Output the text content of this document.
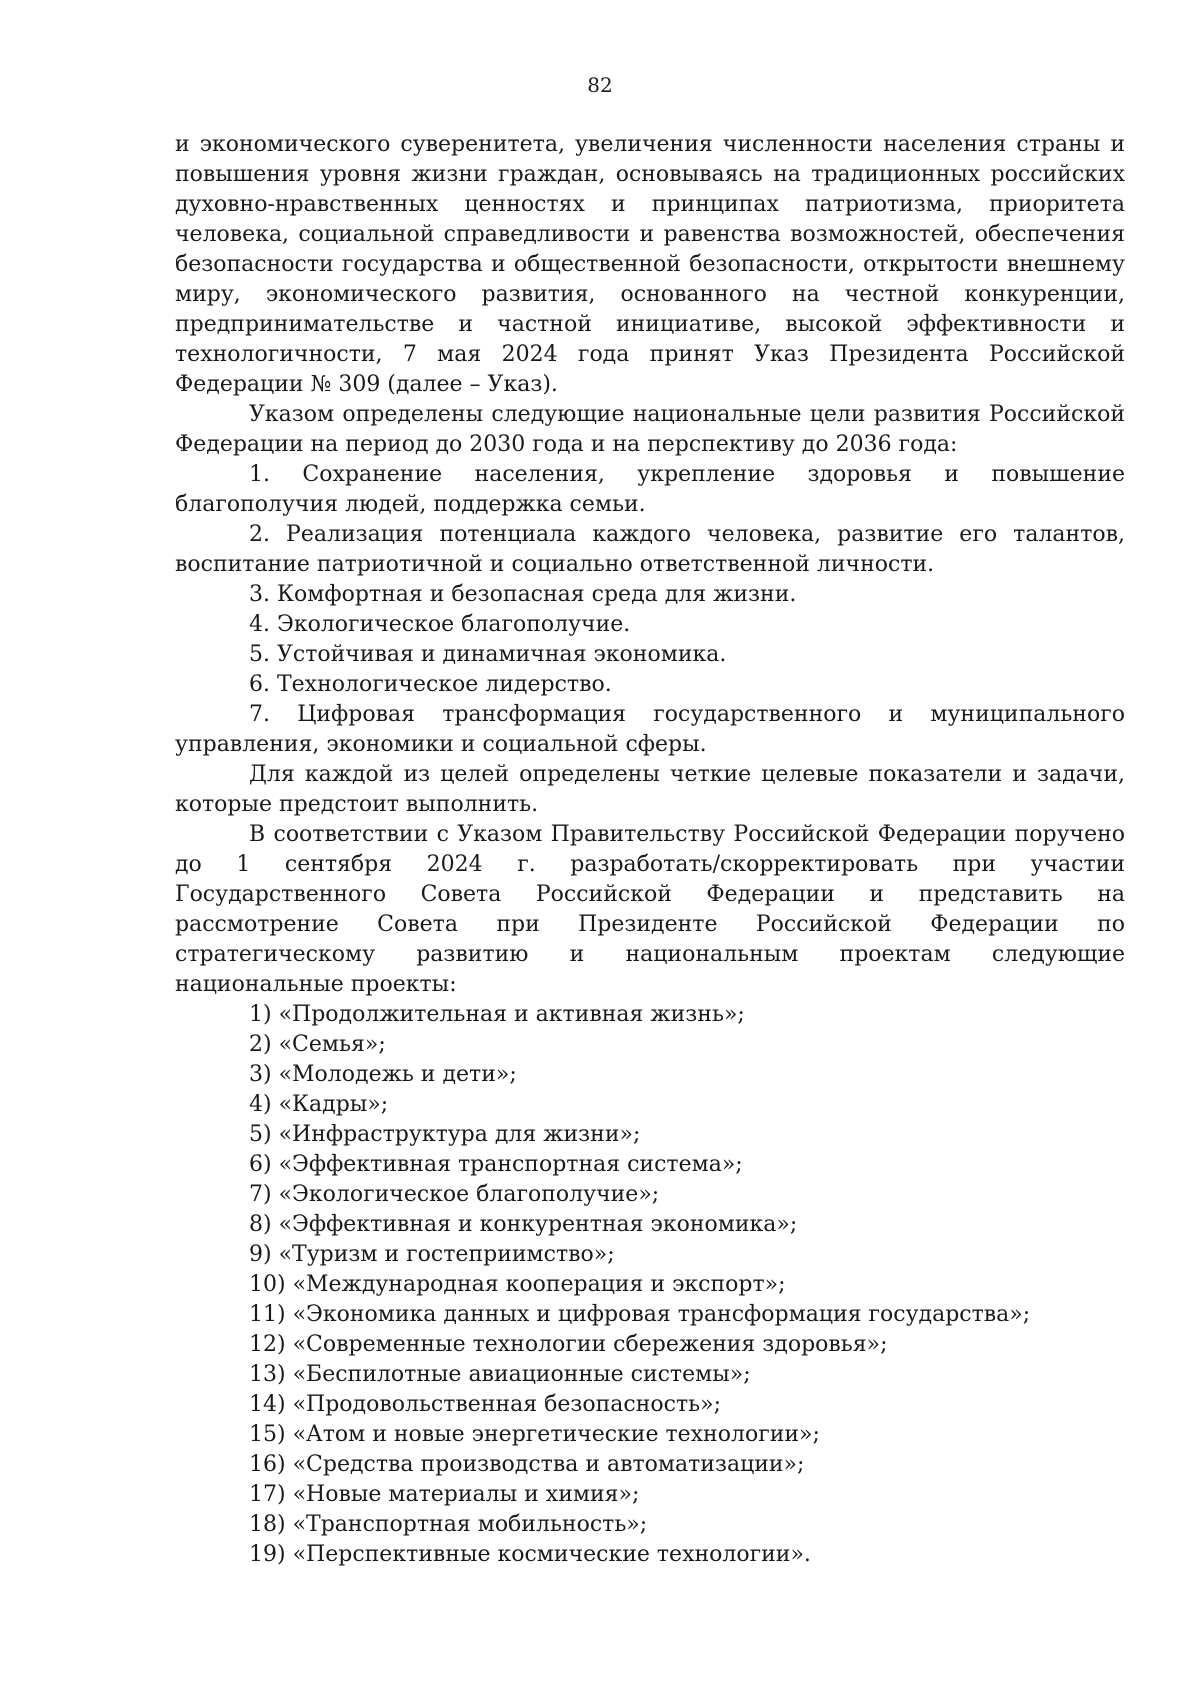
82

и экономического суверенитета, увеличения численности населения страны и повышения уровня жизни граждан, основываясь на традиционных российских духовно-нравственных ценностях и принципах патриотизма, приоритета человека, социальной справедливости и равенства возможностей, обеспечения безопасности государства и общественной безопасности, открытости внешнему миру, экономического развития, основанного на честной конкуренции, предпринимательстве и частной инициативе, высокой эффективности и технологичности, 7 мая 2024 года принят Указ Президента Российской Федерации № 309 (далее – Указ).

Указом определены следующие национальные цели развития Российской Федерации на период до 2030 года и на перспективу до 2036 года:

1. Сохранение населения, укрепление здоровья и повышение благополучия людей, поддержка семьи.

2. Реализация потенциала каждого человека, развитие его талантов, воспитание патриотичной и социально ответственной личности.

3. Комфортная и безопасная среда для жизни.

4. Экологическое благополучие.

5. Устойчивая и динамичная экономика.

6. Технологическое лидерство.

7. Цифровая трансформация государственного и муниципального управления, экономики и социальной сферы.

Для каждой из целей определены четкие целевые показатели и задачи, которые предстоит выполнить.

В соответствии с Указом Правительству Российской Федерации поручено до 1 сентября 2024 г. разработать/скорректировать при участии Государственного Совета Российской Федерации и представить на рассмотрение Совета при Президенте Российской Федерации по стратегическому развитию и национальным проектам следующие национальные проекты:

1) «Продолжительная и активная жизнь»;

2) «Семья»;

3) «Молодежь и дети»;

4) «Кадры»;

5) «Инфраструктура для жизни»;

6) «Эффективная транспортная система»;

7) «Экологическое благополучие»;

8) «Эффективная и конкурентная экономика»;

9) «Туризм и гостеприимство»;

10) «Международная кооперация и экспорт»;

11) «Экономика данных и цифровая трансформация государства»;

12) «Современные технологии сбережения здоровья»;

13) «Беспилотные авиационные системы»;

14) «Продовольственная безопасность»;

15) «Атом и новые энергетические технологии»;

16) «Средства производства и автоматизации»;

17) «Новые материалы и химия»;

18) «Транспортная мобильность»;

19) «Перспективные космические технологии».
